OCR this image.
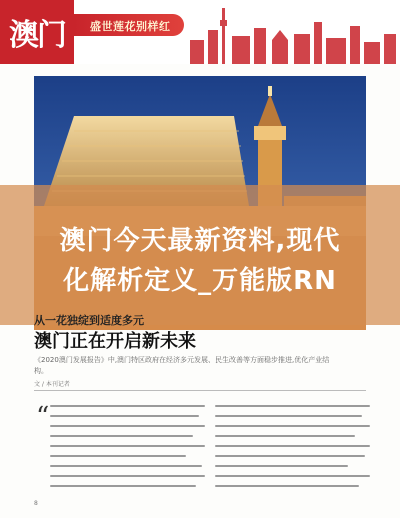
澳门 盛世莲花别样红
澳门今天最新资料,现代
化解析定义_万能版RN
从一花独绽到适度多元
澳门正在开启新未来
《2020澳门发展报告》中,澳门特区政府在经济多元发展、民生改善等方面稳步推进,优化产业结构。
文 / 本刊记者
“
8
